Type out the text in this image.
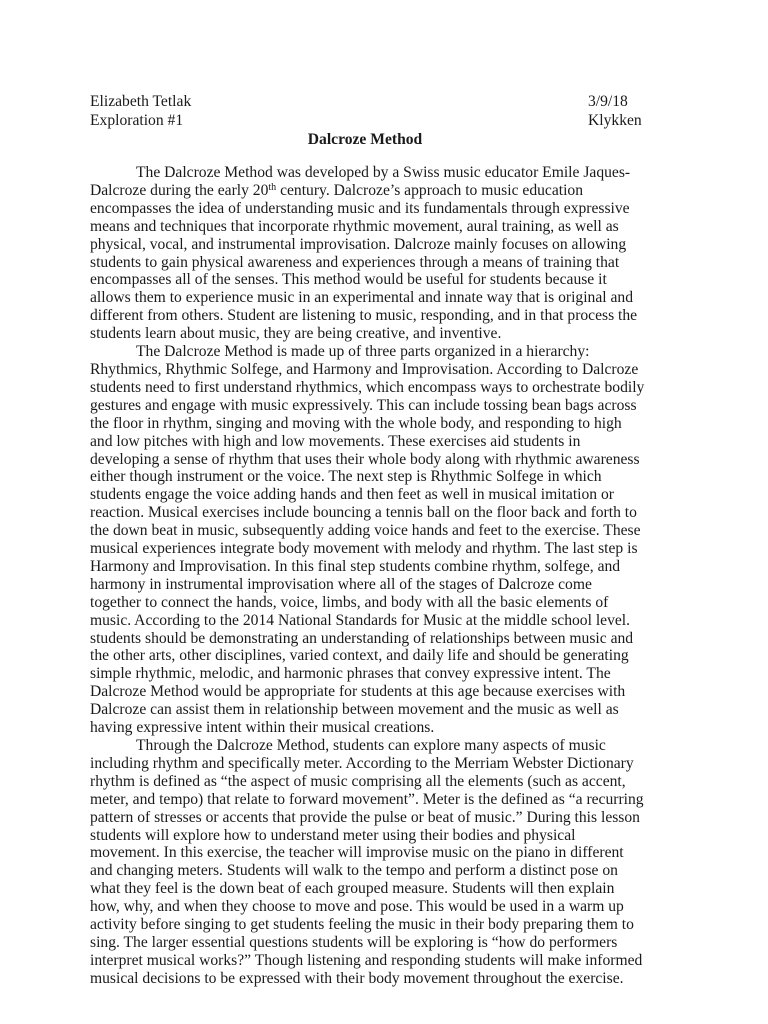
Elizabeth Tetlak	3/9/18
Exploration #1	Klykken
Dalcroze Method

The Dalcroze Method was developed by a Swiss music educator Emile Jaques-Dalcroze during the early 20th century. Dalcroze’s approach to music education encompasses the idea of understanding music and its fundamentals through expressive means and techniques that incorporate rhythmic movement, aural training, as well as physical, vocal, and instrumental improvisation. Dalcroze mainly focuses on allowing students to gain physical awareness and experiences through a means of training that encompasses all of the senses. This method would be useful for students because it allows them to experience music in an experimental and innate way that is original and different from others. Student are listening to music, responding, and in that process the students learn about music, they are being creative, and inventive.

The Dalcroze Method is made up of three parts organized in a hierarchy: Rhythmics, Rhythmic Solfege, and Harmony and Improvisation. According to Dalcroze students need to first understand rhythmics, which encompass ways to orchestrate bodily gestures and engage with music expressively. This can include tossing bean bags across the floor in rhythm, singing and moving with the whole body, and responding to high and low pitches with high and low movements. These exercises aid students in developing a sense of rhythm that uses their whole body along with rhythmic awareness either though instrument or the voice. The next step is Rhythmic Solfege in which students engage the voice adding hands and then feet as well in musical imitation or reaction. Musical exercises include bouncing a tennis ball on the floor back and forth to the down beat in music, subsequently adding voice hands and feet to the exercise. These musical experiences integrate body movement with melody and rhythm. The last step is Harmony and Improvisation. In this final step students combine rhythm, solfege, and harmony in instrumental improvisation where all of the stages of Dalcroze come together to connect the hands, voice, limbs, and body with all the basic elements of music. According to the 2014 National Standards for Music at the middle school level. students should be demonstrating an understanding of relationships between music and the other arts, other disciplines, varied context, and daily life and should be generating simple rhythmic, melodic, and harmonic phrases that convey expressive intent. The Dalcroze Method would be appropriate for students at this age because exercises with Dalcroze can assist them in relationship between movement and the music as well as having expressive intent within their musical creations.

Through the Dalcroze Method, students can explore many aspects of music including rhythm and specifically meter. According to the Merriam Webster Dictionary rhythm is defined as “the aspect of music comprising all the elements (such as accent, meter, and tempo) that relate to forward movement”. Meter is the defined as “a recurring pattern of stresses or accents that provide the pulse or beat of music.” During this lesson students will explore how to understand meter using their bodies and physical movement. In this exercise, the teacher will improvise music on the piano in different and changing meters. Students will walk to the tempo and perform a distinct pose on what they feel is the down beat of each grouped measure. Students will then explain how, why, and when they choose to move and pose. This would be used in a warm up activity before singing to get students feeling the music in their body preparing them to sing. The larger essential questions students will be exploring is “how do performers interpret musical works?” Though listening and responding students will make informed musical decisions to be expressed with their body movement throughout the exercise.
